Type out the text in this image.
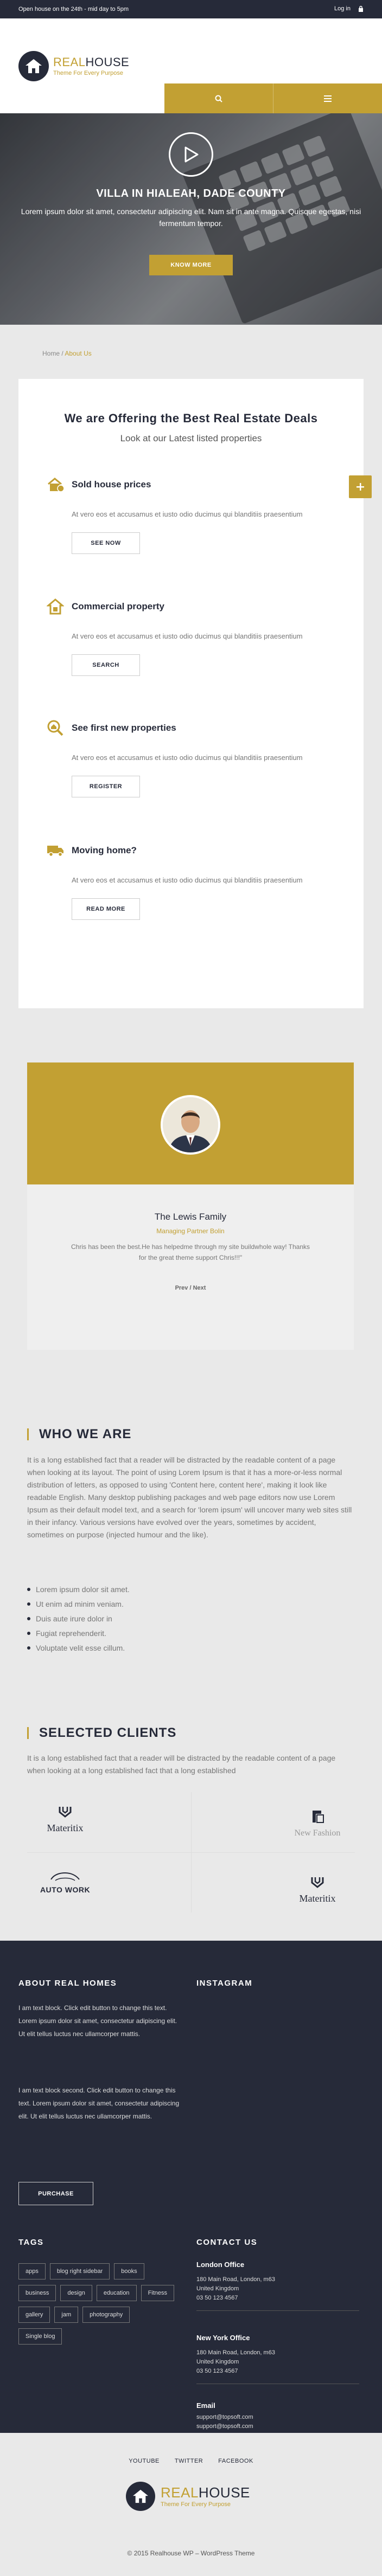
Open house on the 24th - mid day to 5pm	Log in
REALHOUSE
Theme For Every Purpose
VILLA IN HIALEAH, DADE COUNTY
Lorem ipsum dolor sit amet, consectetur adipiscing elit. Nam sit in ante magna. Quisque egestas, nisi fermentum tempor.
KNOW MORE
Home / About Us
We are Offering the Best Real Estate Deals
Look at our Latest listed properties
Sold house prices
At vero eos et accusamus et iusto odio ducimus qui blanditiis praesentium
SEE NOW
Commercial property
At vero eos et accusamus et iusto odio ducimus qui blanditiis praesentium
SEARCH
See first new properties
At vero eos et accusamus et iusto odio ducimus qui blanditiis praesentium
REGISTER
Moving home?
At vero eos et accusamus et iusto odio ducimus qui blanditiis praesentium
READ MORE
The Lewis Family
Managing Partner Bolin
Chris has been the best.He has helpedme through my site buildwhole way! Thanks for the great theme support Chris!!!"
Prev / Next
WHO WE ARE
It is a long established fact that a reader will be distracted by the readable content of a page when looking at its layout. The point of using Lorem Ipsum is that it has a more-or-less normal distribution of letters, as opposed to using 'Content here, content here', making it look like readable English. Many desktop publishing packages and web page editors now use Lorem Ipsum as their default model text, and a search for 'lorem ipsum' will uncover many web sites still in their infancy. Various versions have evolved over the years, sometimes by accident, sometimes on purpose (injected humour and the like).
Lorem ipsum dolor sit amet.
Ut enim ad minim veniam.
Duis aute irure dolor in
Fugiat reprehenderit.
Voluptate velit esse cillum.
SELECTED CLIENTS
It is a long established fact that a reader will be distracted by the readable content of a page when looking at a long established fact that a long established
Materitix	New Fashion
AUTO WORK
Materitix
ABOUT REAL HOMES
I am text block. Click edit button to change this text. Lorem ipsum dolor sit amet, consectetur adipiscing elit. Ut elit tellus luctus nec ullamcorper mattis.
I am text block second. Click edit button to change this text. Lorem ipsum dolor sit amet, consectetur adipiscing elit. Ut elit tellus luctus nec ullamcorper mattis.
PURCHASE
INSTAGRAM
TAGS
apps	blog right sidebar	books
business	design	education	Fitness
gallery	jam	photography
Single blog
CONTACT US
London Office
180 Main Road, London, m63
United Kingdom
03 50 123 4567
New York Office
180 Main Road, London, m63
United Kingdom
03 50 123 4567
Email
support@topsoft.com
support@topsoft.com
YOUTUBE	TWITTER	FACEBOOK
REALHOUSE
Theme For Every Purpose
© 2015 Realhouse WP – WordPress Theme
